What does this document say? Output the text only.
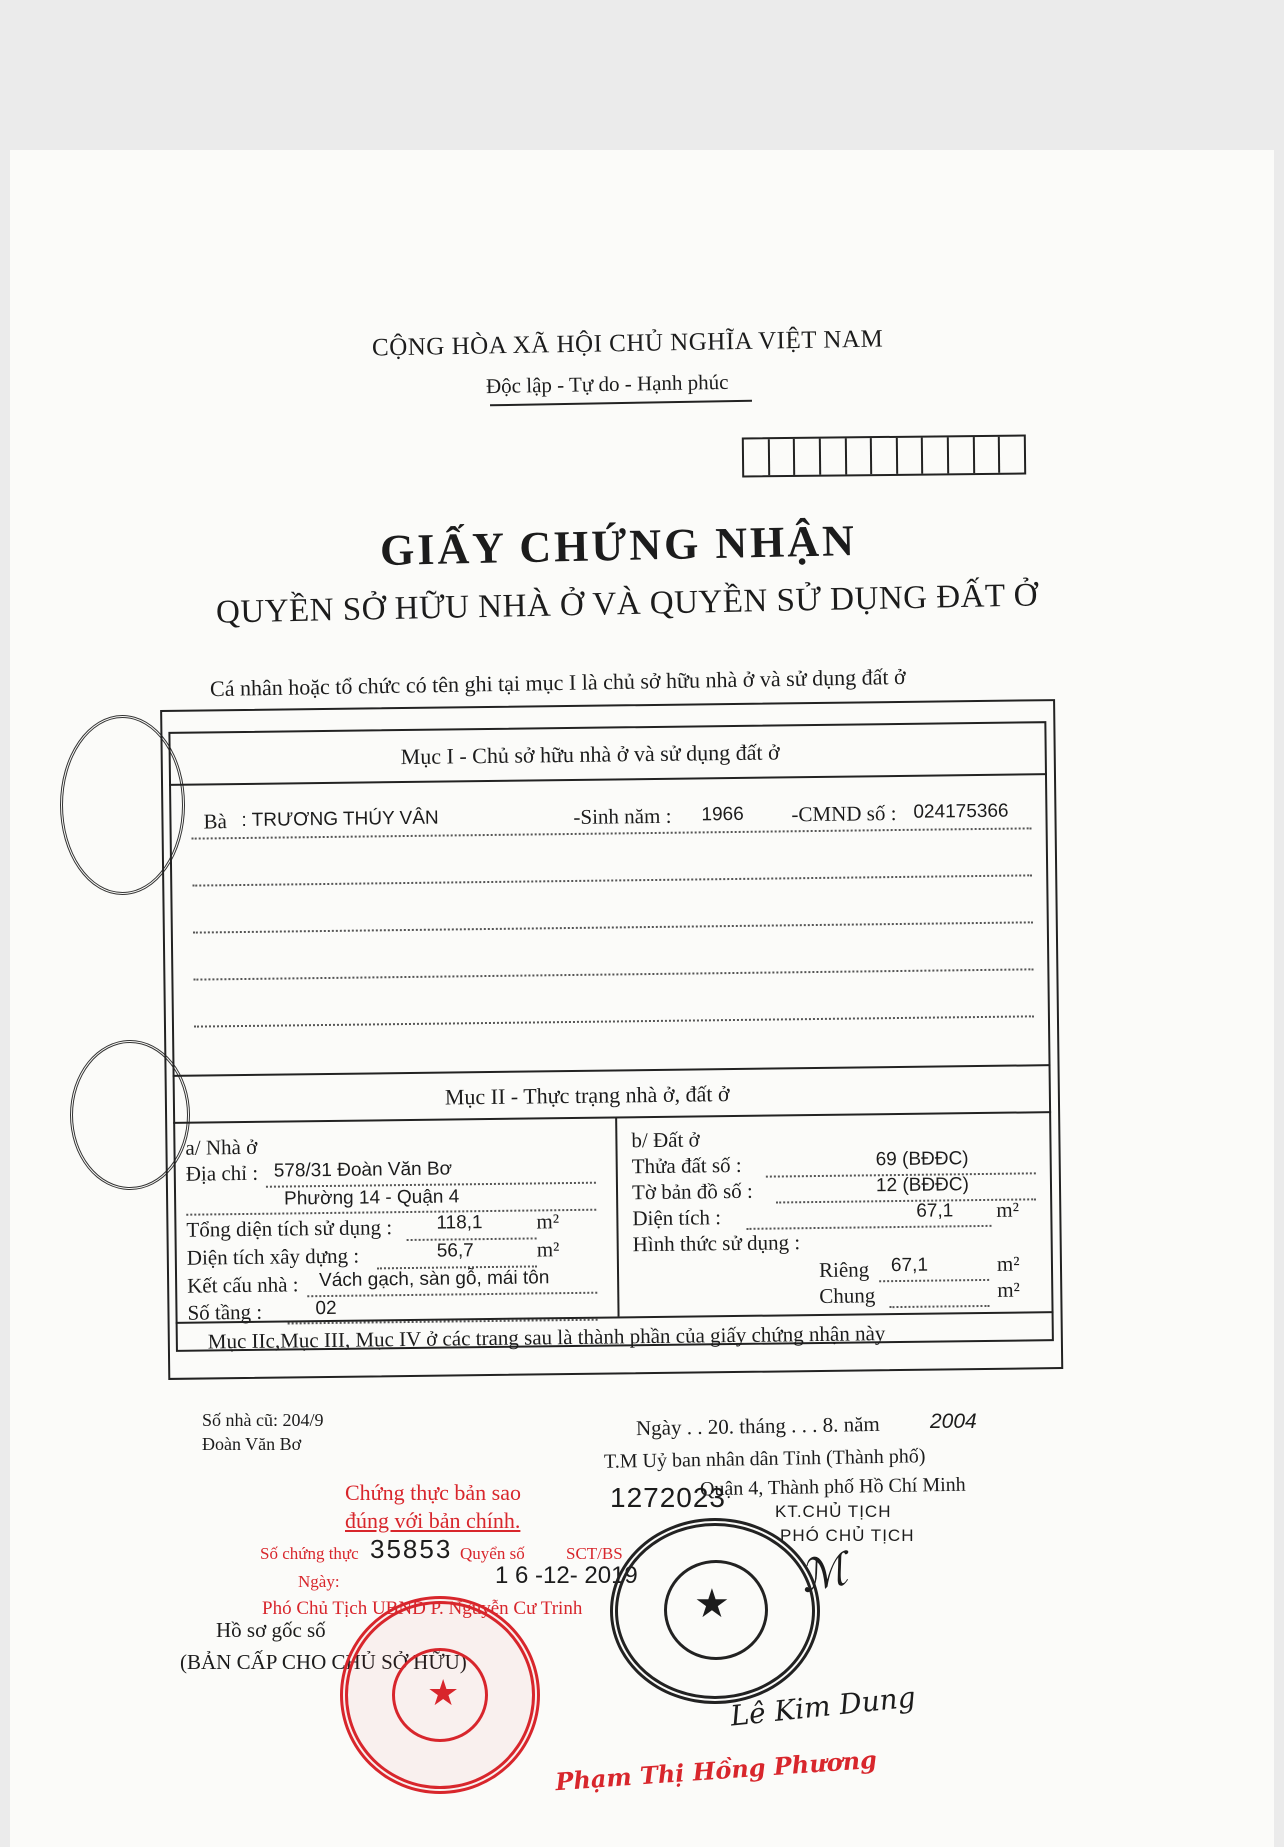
CỘNG HÒA XÃ HỘI CHỦ NGHĨA VIỆT NAM
Độc lập - Tự do - Hạnh phúc
GIẤY CHỨNG NHẬN
QUYỀN SỞ HỮU NHÀ Ở VÀ QUYỀN SỬ DỤNG ĐẤT Ở
Cá nhân hoặc tổ chức có tên ghi tại mục I là chủ sở hữu nhà ở và sử dụng đất ở
Mục I - Chủ sở hữu nhà ở và sử dụng đất ở
Bà : TRƯƠNG THÚY VÂN	-Sinh năm : 1966 -CMND số : 024175366
Mục II - Thực trạng nhà ở, đất ở
a/ Nhà ở
Địa chỉ : 578/31 Đoàn Văn Bơ
Phường 14 - Quận 4
Tổng diện tích sử dụng : 118,1	m²
Diện tích xây dựng :	56,7	m²
Kết cấu nhà : Vách gạch, sàn gỗ, mái tôn
Số tầng :	02
b/ Đất ở
Thửa đất số :	69 (BĐĐC)
Tờ bản đồ số :	12 (BĐĐC)
Diện tích :	67,1 m²
Hình thức sử dụng :
Riêng 67,1	m²
Chung	m²
Mục IIc,Mục III, Mục IV ở các trang sau là thành phần của giấy chứng nhận này
Số nhà cũ: 204/9
Đoàn Văn Bơ
Ngày . . 20. tháng . . . 8. năm 2004
T.M Uỷ ban nhân dân Tỉnh (Thành phố)
Quận 4, Thành phố Hồ Chí Minh
KT.CHỦ TỊCH
PHÓ CHỦ TỊCH
1272023
Chứng thực bản sao
đúng với bản chính.
Số chứng thực 35853 Quyển số SCT/BS
Ngày:	1 6 -12- 2019
Phó Chủ Tịch UBND P. Nguyễn Cư Trinh
Hồ sơ gốc số
(BẢN CẤP CHO CHỦ SỞ HỮU)
★
★
ℳ
Lê Kim Dung
Phạm Thị Hồng Phương
